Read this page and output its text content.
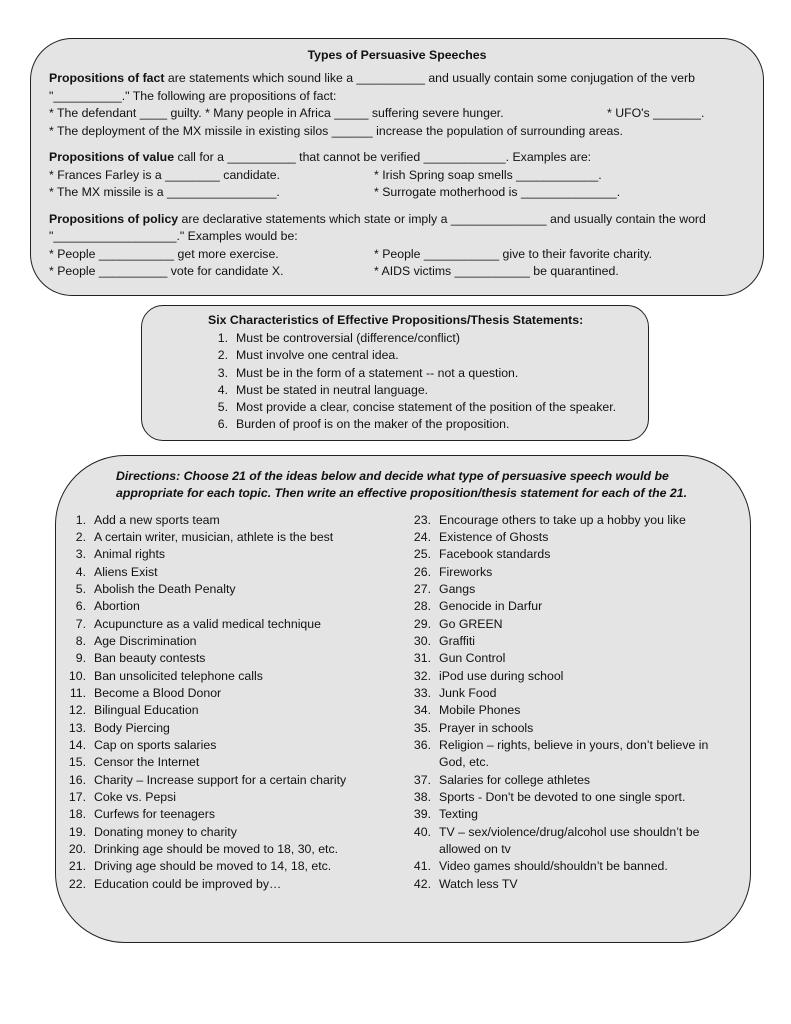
Types of Persuasive Speeches
Propositions of fact are statements which sound like a __________ and usually contain some conjugation of the verb
"__________." The following are propositions of fact:
* The defendant ____ guilty. * Many people in Africa _____ suffering severe hunger.	* UFO's _______.
* The deployment of the MX missile in existing silos ______ increase the population of surrounding areas.
Propositions of value call for a __________ that cannot be verified ____________. Examples are:
* Frances Farley is a ________ candidate.	* Irish Spring soap smells ____________.
* The MX missile is a ________________.	* Surrogate motherhood is ______________.
Propositions of policy are declarative statements which state or imply a ______________ and usually contain the word
"__________________." Examples would be:
* People ___________ get more exercise.	* People ___________ give to their favorite charity.
* People __________ vote for candidate X.	* AIDS victims ___________ be quarantined.
Six Characteristics of Effective Propositions/Thesis Statements:
1. Must be controversial (difference/conflict)
2. Must involve one central idea.
3. Must be in the form of a statement -- not a question.
4. Must be stated in neutral language.
5. Most provide a clear, concise statement of the position of the speaker.
6. Burden of proof is on the maker of the proposition.
Directions: Choose 21 of the ideas below and decide what type of persuasive speech would be
appropriate for each topic. Then write an effective proposition/thesis statement for each of the 21.
1. Add a new sports team
2. A certain writer, musician, athlete is the best
3. Animal rights
4. Aliens Exist
5. Abolish the Death Penalty
6. Abortion
7. Acupuncture as a valid medical technique
8. Age Discrimination
9. Ban beauty contests
10. Ban unsolicited telephone calls
11. Become a Blood Donor
12. Bilingual Education
13. Body Piercing
14. Cap on sports salaries
15. Censor the Internet
16. Charity – Increase support for a certain charity
17. Coke vs. Pepsi
18. Curfews for teenagers
19. Donating money to charity
20. Drinking age should be moved to 18, 30, etc.
21. Driving age should be moved to 14, 18, etc.
22. Education could be improved by…
23. Encourage others to take up a hobby you like
24. Existence of Ghosts
25. Facebook standards
26. Fireworks
27. Gangs
28. Genocide in Darfur
29. Go GREEN
30. Graffiti
31. Gun Control
32. iPod use during school
33. Junk Food
34. Mobile Phones
35. Prayer in schools
36. Religion – rights, believe in yours, don’t believe in
God, etc.
37. Salaries for college athletes
38. Sports - Don't be devoted to one single sport.
39. Texting
40. TV – sex/violence/drug/alcohol use shouldn’t be
allowed on tv
41. Video games should/shouldn’t be banned.
42. Watch less TV
